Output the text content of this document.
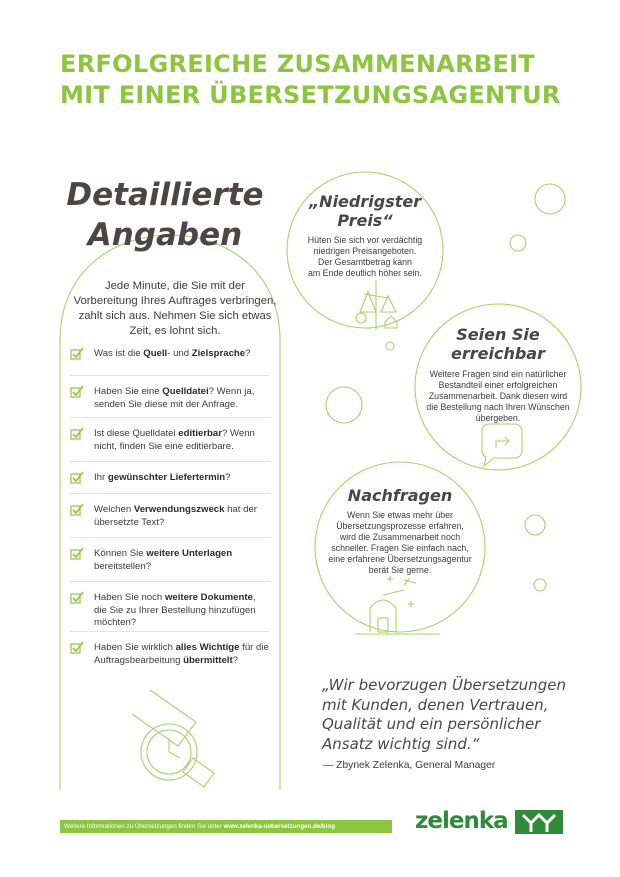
ERFOLGREICHE ZUSAMMENARBEIT
MIT EINER ÜBERSETZUNGSAGENTUR
Detaillierte
Angaben
Jede Minute, die Sie mit der Vorbereitung Ihres Auftrages verbringen, zahlt sich aus. Nehmen Sie sich etwas Zeit, es lohnt sich.
Was ist die Quell- und Zielsprache?
Haben Sie eine Quelldatei? Wenn ja, senden Sie diese mit der Anfrage.
Ist diese Quelldatei editierbar? Wenn nicht, finden Sie eine editierbare.
Ihr gewünschter Liefertermin?
Welchen Verwendungszweck hat der übersetzte Text?
Können Sie weitere Unterlagen bereitstellen?
Haben Sie noch weitere Dokumente, die Sie zu Ihrer Bestellung hinzufügen möchten?
Haben Sie wirklich alles Wichtige für die Auftragsbearbeitung übermittelt?
„Niedrigster
Preis“
Hüten Sie sich vor verdächtig
niedrigen Preisangeboten.
Der Gesamtbetrag kann
am Ende deutlich höher sein.
Seien Sie
erreichbar
Weitere Fragen sind ein natürlicher
Bestandteil einer erfolgreichen
Zusammenarbeit. Dank diesen wird
die Bestellung nach Ihren Wünschen
übergeben.
Nachfragen
Wenn Sie etwas mehr über
Übersetzungsprozesse erfahren,
wird die Zusammenarbeit noch
schneller. Fragen Sie einfach nach,
eine erfahrene Übersetzungsagentur
berät Sie gerne.
„Wir bevorzugen Übersetzungen
mit Kunden, denen Vertrauen,
Qualität und ein persönlicher
Ansatz wichtig sind.“
— Zbynek Zelenka, General Manager
Weitere Informationen zu Übersetzungen finden Sie unter www.zelenka-uebersetzungen.de/blog	zelenka
